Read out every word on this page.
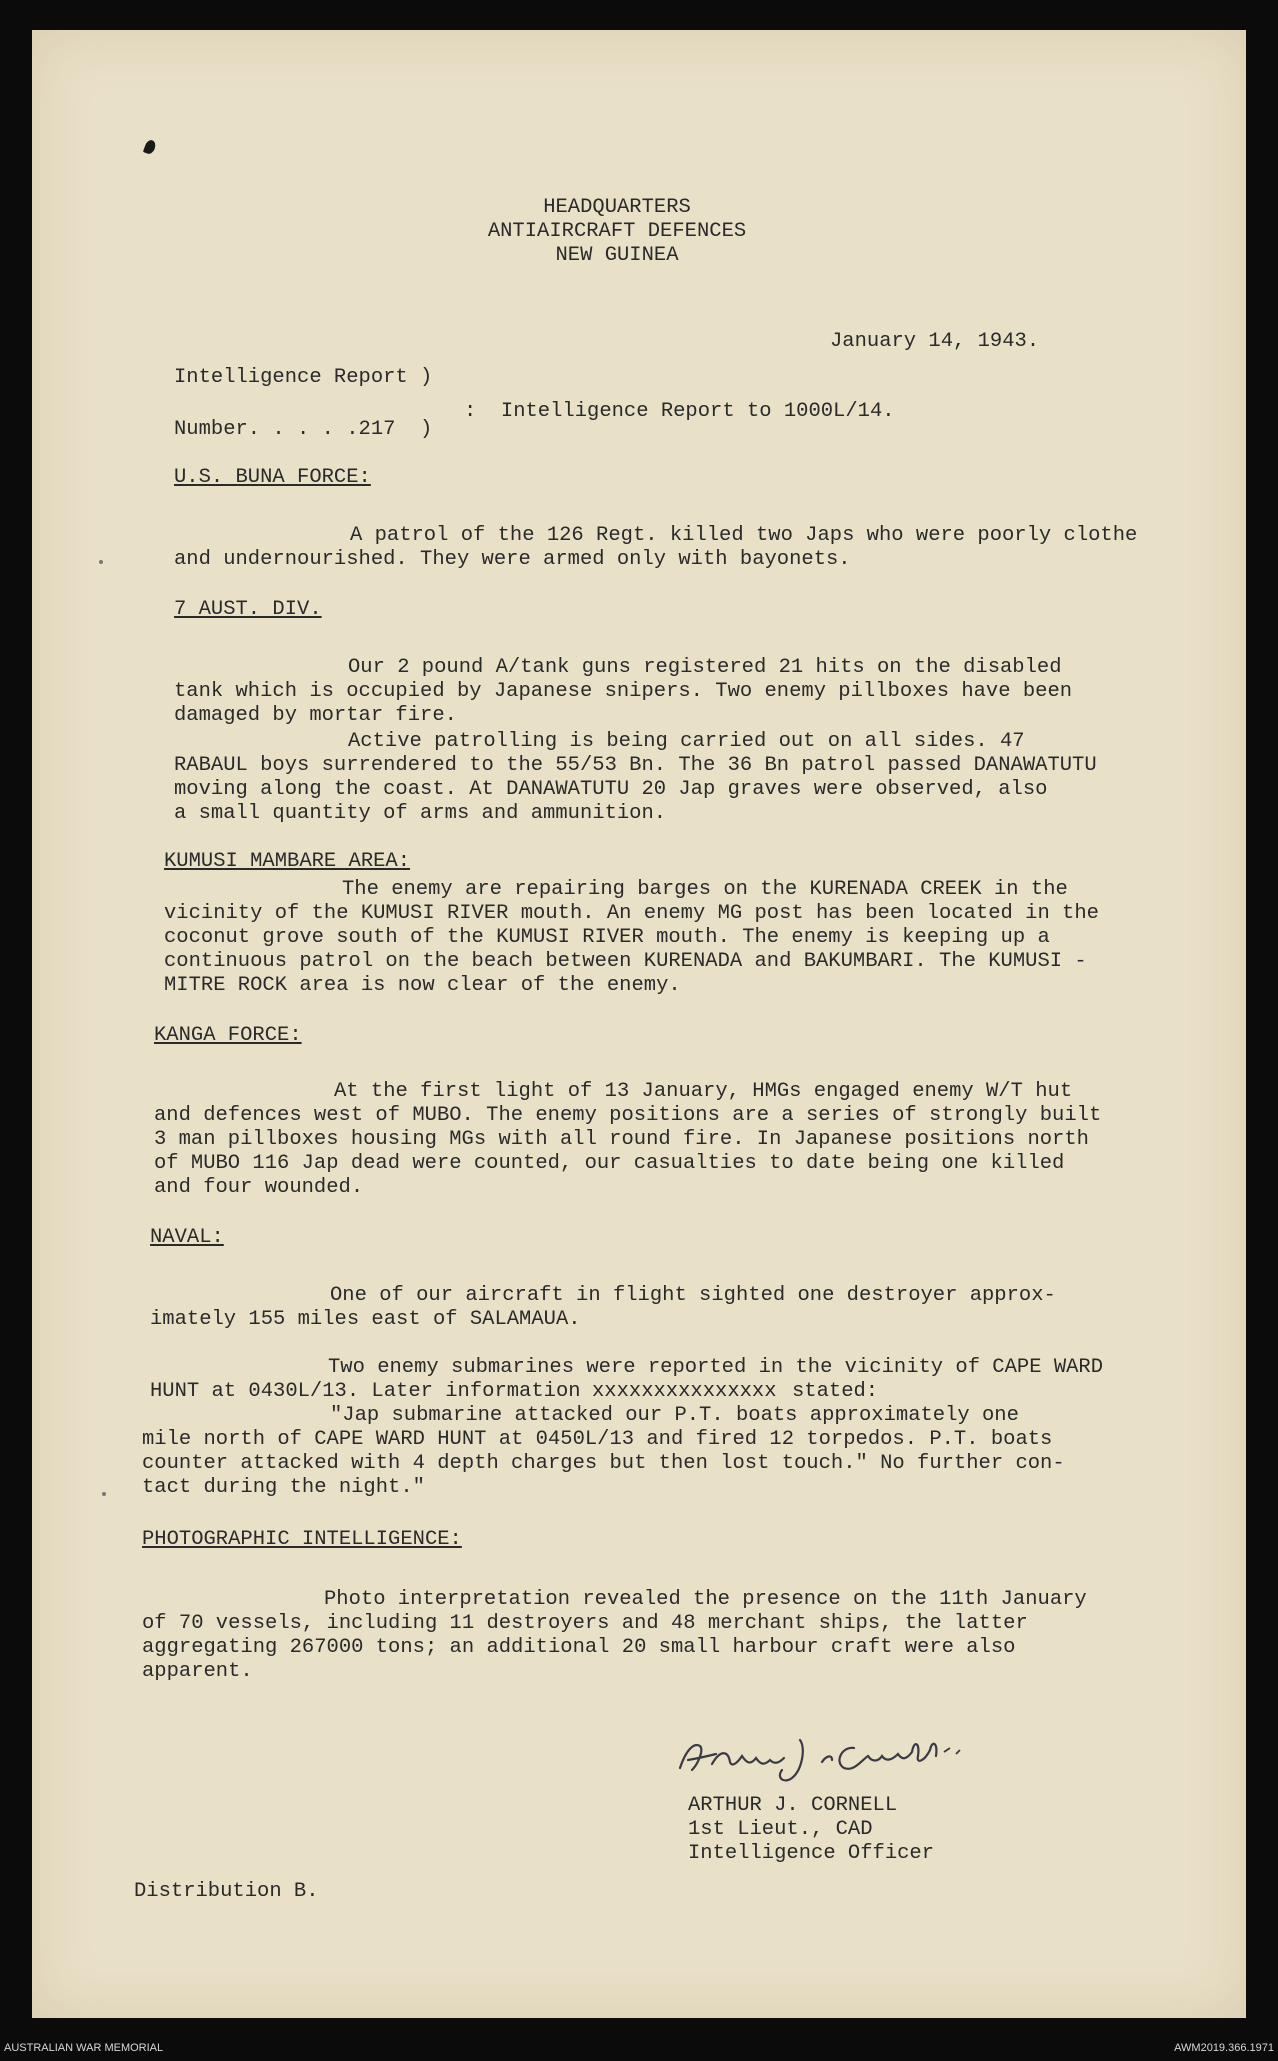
HEADQUARTERS
ANTIAIRCRAFT DEFENCES
NEW GUINEA
January 14, 1943.
Intelligence Report )
:  Intelligence Report to 1000L/14.
Number. . . . .217  )
U.S. BUNA FORCE:
A patrol of the 126 Regt. killed two Japs who were poorly clothe
and undernourished. They were armed only with bayonets.
7 AUST. DIV.
Our 2 pound A/tank guns registered 21 hits on the disabled
tank which is occupied by Japanese snipers. Two enemy pillboxes have been
damaged by mortar fire.
Active patrolling is being carried out on all sides. 47
RABAUL boys surrendered to the 55/53 Bn. The 36 Bn patrol passed DANAWATUTU
moving along the coast. At DANAWATUTU 20 Jap graves were observed, also
a small quantity of arms and ammunition.
KUMUSI MAMBARE AREA:
The enemy are repairing barges on the KURENADA CREEK in the
vicinity of the KUMUSI RIVER mouth. An enemy MG post has been located in the
coconut grove south of the KUMUSI RIVER mouth. The enemy is keeping up a
continuous patrol on the beach between KURENADA and BAKUMBARI. The KUMUSI -
MITRE ROCK area is now clear of the enemy.
KANGA FORCE:
At the first light of 13 January, HMGs engaged enemy W/T hut
and defences west of MUBO. The enemy positions are a series of strongly built
3 man pillboxes housing MGs with all round fire. In Japanese positions north
of MUBO 116 Jap dead were counted, our casualties to date being one killed
and four wounded.
NAVAL:
One of our aircraft in flight sighted one destroyer approx-
imately 155 miles east of SALAMAUA.
Two enemy submarines were reported in the vicinity of CAPE WARD
HUNT at 0430L/13. Later information xxxxxxxxxxxxxxx stated:
"Jap submarine attacked our P.T. boats approximately one
mile north of CAPE WARD HUNT at 0450L/13 and fired 12 torpedos. P.T. boats
counter attacked with 4 depth charges but then lost touch." No further con-
tact during the night."
PHOTOGRAPHIC INTELLIGENCE:
Photo interpretation revealed the presence on the 11th January
of 70 vessels, including 11 destroyers and 48 merchant ships, the latter
aggregating 267000 tons; an additional 20 small harbour craft were also
apparent.
ARTHUR J. CORNELL
1st Lieut., CAD
Intelligence Officer
Distribution B.
AUSTRALIAN WAR MEMORIAL	AWM2019.366.1971
